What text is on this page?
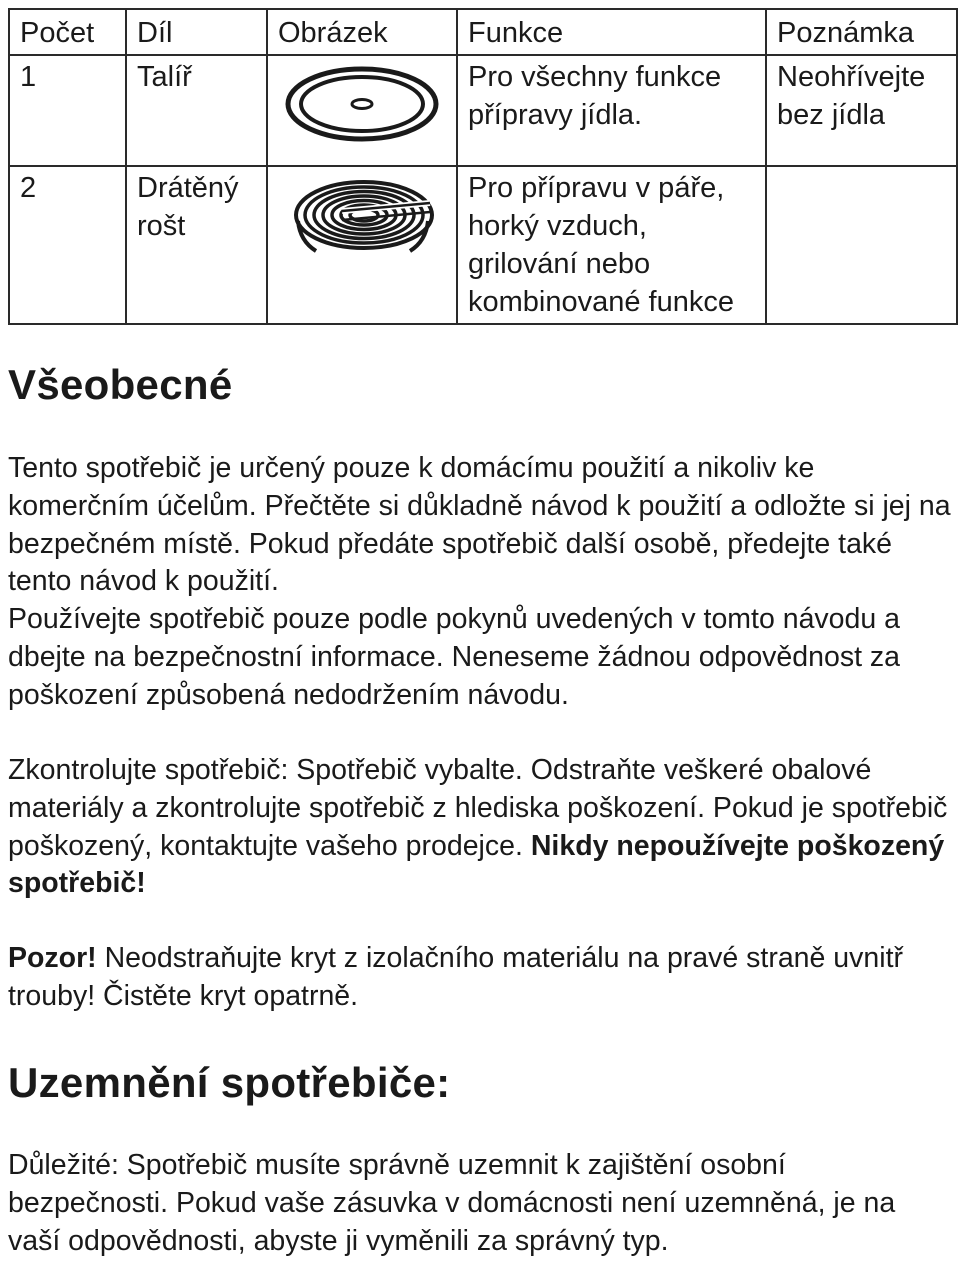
Počet	Díl	Obrázek	Funkce	Poznámka
1	Talíř		Pro všechny funkce přípravy jídla.	Neohřívejte bez jídla
2	Drátěný rošt		Pro přípravu v páře, horký vzduch, grilování nebo kombinované funkce	
Všeobecné

Tento spotřebič je určený pouze k domácímu použití a nikoliv ke komerčním účelům. Přečtěte si důkladně návod k použití a odložte si jej na bezpečném místě. Pokud předáte spotřebič další osobě, předejte také tento návod k použití.

Používejte spotřebič pouze podle pokynů uvedených v tomto návodu a dbejte na bezpečnostní informace. Neneseme žádnou odpovědnost za poškození způsobená nedodržením návodu.

Zkontrolujte spotřebič: Spotřebič vybalte. Odstraňte veškeré obalové materiály a zkontrolujte spotřebič z hlediska poškození. Pokud je spotřebič poškozený, kontaktujte vašeho prodejce. Nikdy nepoužívejte poškozený spotřebič!

Pozor! Neodstraňujte kryt z izolačního materiálu na pravé straně uvnitř trouby! Čistěte kryt opatrně.

Uzemnění spotřebiče:

Důležité: Spotřebič musíte správně uzemnit k zajištění osobní bezpečnosti. Pokud vaše zásuvka v domácnosti není uzemněná, je na vaší odpovědnosti, abyste ji vyměnili za správný typ.
